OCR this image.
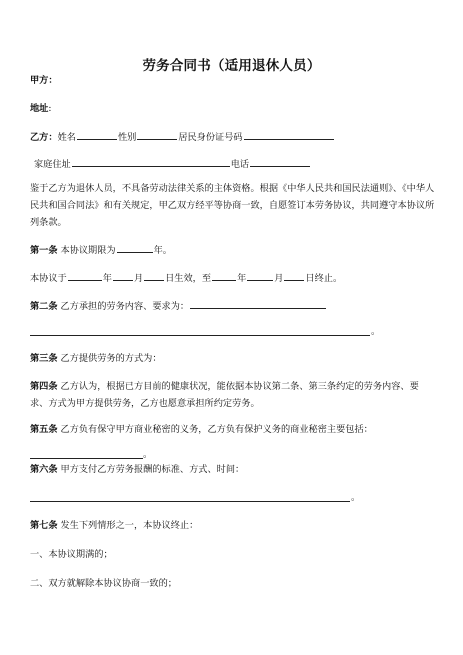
劳务合同书（适用退休人员）
甲方：
地址:
乙方：姓名	性别	居民身份证号码
家庭住址	电话
鉴于乙方为退休人员，不具备劳动法律关系的主体资格。根据《中华人民共和国民法通则》、《中华人民共和国合同法》和有关规定，甲乙双方经平等协商一致，自愿签订本劳务协议，共同遵守本协议所列条款。
第一条 本协议期限为	年。
本协议于	年 月 日生效，至	年	月 日终止。
第二条 乙方承担的劳务内容、要求为：
。
第三条 乙方提供劳务的方式为：
第四条 乙方认为，根据已方目前的健康状况，能依据本协议第二条、第三条约定的劳务内容、要求、方式为甲方提供劳务，乙方也愿意承担所约定劳务。
第五条 乙方负有保守甲方商业秘密的义务，乙方负有保护义务的商业秘密主要包括：
。
第六条 甲方支付乙方劳务报酬的标准、方式、时间：
。
第七条 发生下列情形之一，本协议终止：
一、本协议期满的；
二、双方就解除本协议协商一致的；
